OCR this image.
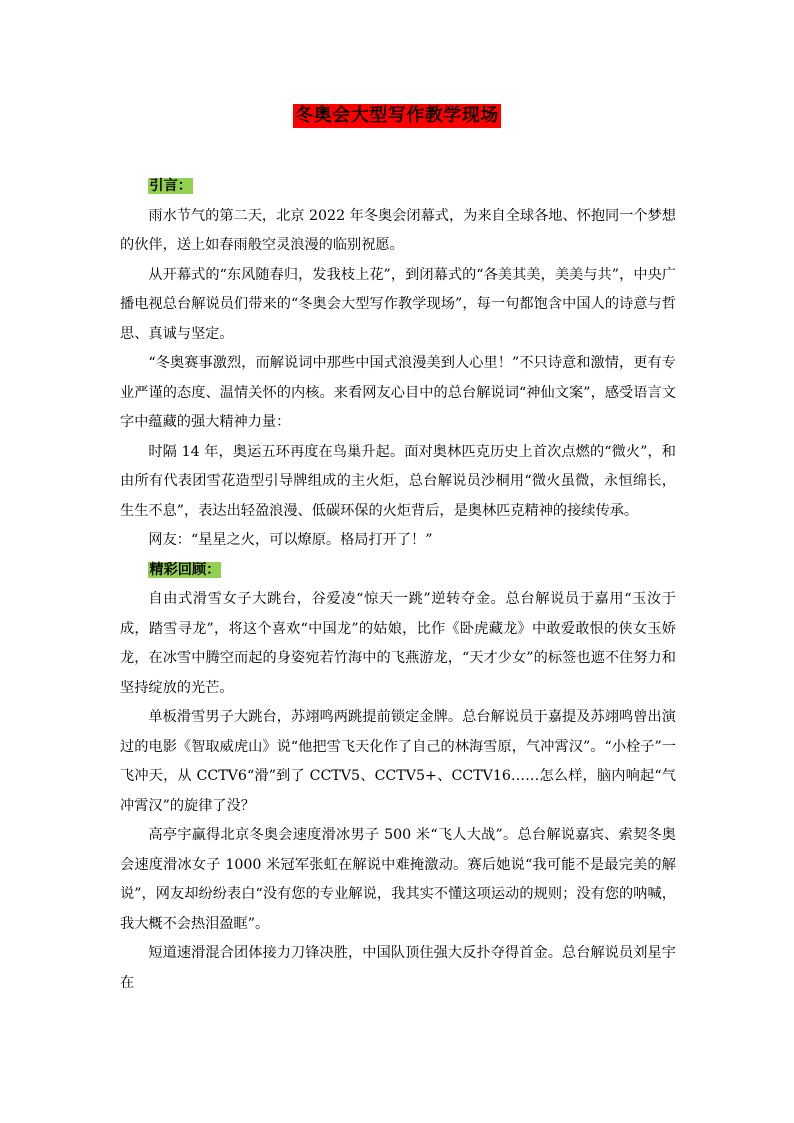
冬奥会大型写作教学现场
引言：

雨水节气的第二天，北京 2022 年冬奥会闭幕式，为来自全球各地、怀抱同一个梦想的伙伴，送上如春雨般空灵浪漫的临别祝愿。

从开幕式的“东风随春归，发我枝上花”，到闭幕式的“各美其美，美美与共”，中央广播电视总台解说员们带来的“冬奥会大型写作教学现场”，每一句都饱含中国人的诗意与哲思、真诚与坚定。

“冬奥赛事激烈，而解说词中那些中国式浪漫美到人心里！”不只诗意和激情，更有专业严谨的态度、温情关怀的内核。来看网友心目中的总台解说词“神仙文案”，感受语言文字中蕴藏的强大精神力量：

时隔 14 年，奥运五环再度在鸟巢升起。面对奥林匹克历史上首次点燃的“微火”，和由所有代表团雪花造型引导牌组成的主火炬，总台解说员沙桐用“微火虽微，永恒绵长，生生不息”，表达出轻盈浪漫、低碳环保的火炬背后，是奥林匹克精神的接续传承。

网友：“星星之火，可以燎原。格局打开了！”

精彩回顾：

自由式滑雪女子大跳台，谷爱凌“惊天一跳”逆转夺金。总台解说员于嘉用“玉汝于成，踏雪寻龙”，将这个喜欢“中国龙”的姑娘，比作《卧虎藏龙》中敢爱敢恨的侠女玉娇龙，在冰雪中腾空而起的身姿宛若竹海中的飞燕游龙，“天才少女”的标签也遮不住努力和坚持绽放的光芒。

单板滑雪男子大跳台，苏翊鸣两跳提前锁定金牌。总台解说员于嘉提及苏翊鸣曾出演过的电影《智取威虎山》说“他把雪飞天化作了自己的林海雪原，气冲霄汉”。“小栓子”一飞冲天，从 CCTV6“滑”到了 CCTV5、CCTV5+、CCTV16……怎么样，脑内响起“气冲霄汉”的旋律了没？

高亭宇赢得北京冬奥会速度滑冰男子 500 米“飞人大战”。总台解说嘉宾、索契冬奥会速度滑冰女子 1000 米冠军张虹在解说中难掩激动。赛后她说“我可能不是最完美的解说”，网友却纷纷表白“没有您的专业解说，我其实不懂这项运动的规则；没有您的呐喊，我大概不会热泪盈眶”。

短道速滑混合团体接力刀锋决胜，中国队顶住强大反扑夺得首金。总台解说员刘星宇在
